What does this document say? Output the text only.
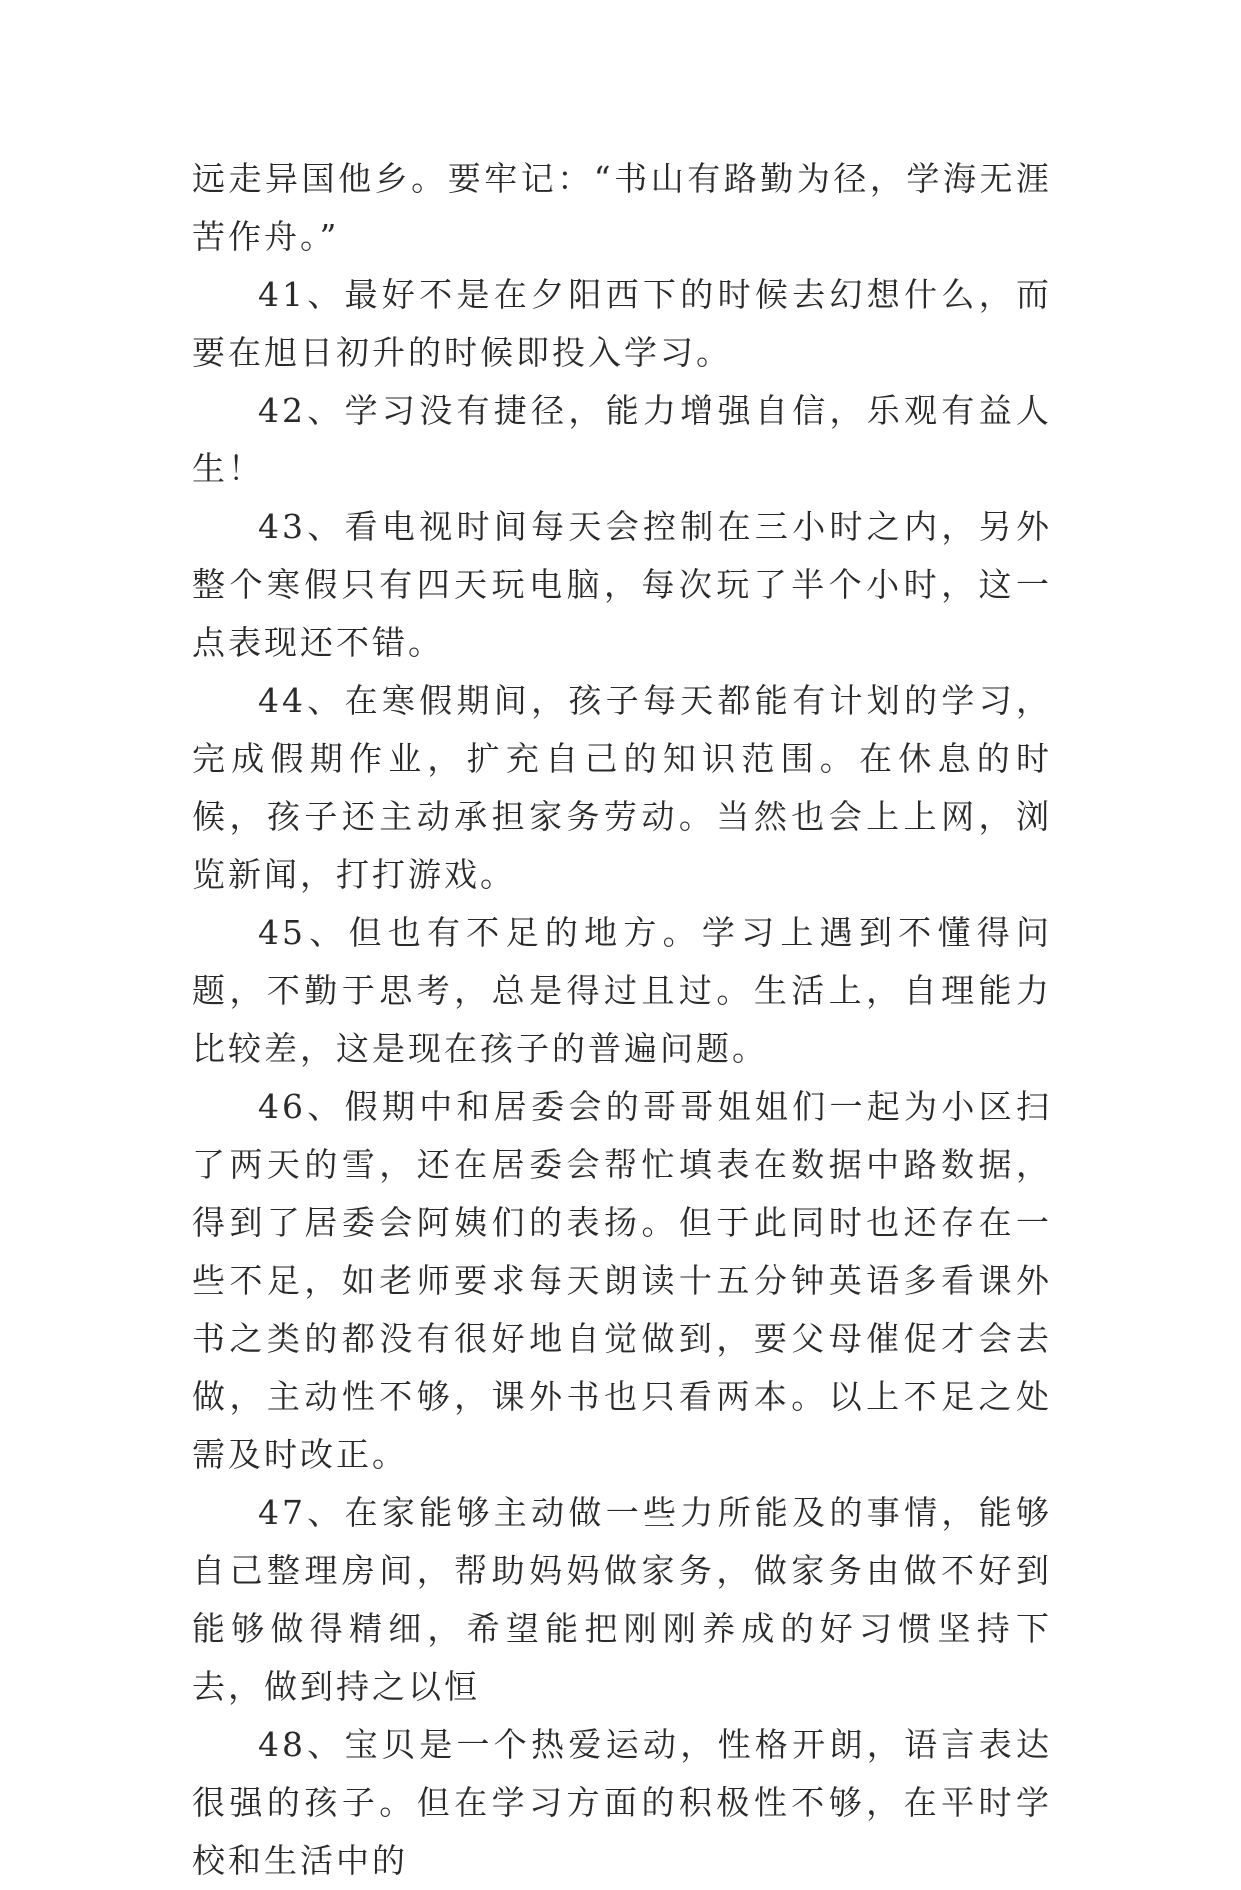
远走异国他乡。要牢记：“书山有路勤为径，学海无涯苦作舟。”

41、最好不是在夕阳西下的时候去幻想什么，而要在旭日初升的时候即投入学习。

42、学习没有捷径，能力增强自信，乐观有益人生！

43、看电视时间每天会控制在三小时之内，另外整个寒假只有四天玩电脑，每次玩了半个小时，这一点表现还不错。

44、在寒假期间，孩子每天都能有计划的学习，完成假期作业，扩充自己的知识范围。在休息的时候，孩子还主动承担家务劳动。当然也会上上网，浏览新闻，打打游戏。

45、但也有不足的地方。学习上遇到不懂得问题，不勤于思考，总是得过且过。生活上，自理能力比较差，这是现在孩子的普遍问题。

46、假期中和居委会的哥哥姐姐们一起为小区扫了两天的雪，还在居委会帮忙填表在数据中路数据，得到了居委会阿姨们的表扬。但于此同时也还存在一些不足，如老师要求每天朗读十五分钟英语多看课外书之类的都没有很好地自觉做到，要父母催促才会去做，主动性不够，课外书也只看两本。以上不足之处需及时改正。

47、在家能够主动做一些力所能及的事情，能够自己整理房间，帮助妈妈做家务，做家务由做不好到能够做得精细，希望能把刚刚养成的好习惯坚持下去，做到持之以恒

48、宝贝是一个热爱运动，性格开朗，语言表达很强的孩子。但在学习方面的积极性不够，在平时学校和生活中的
